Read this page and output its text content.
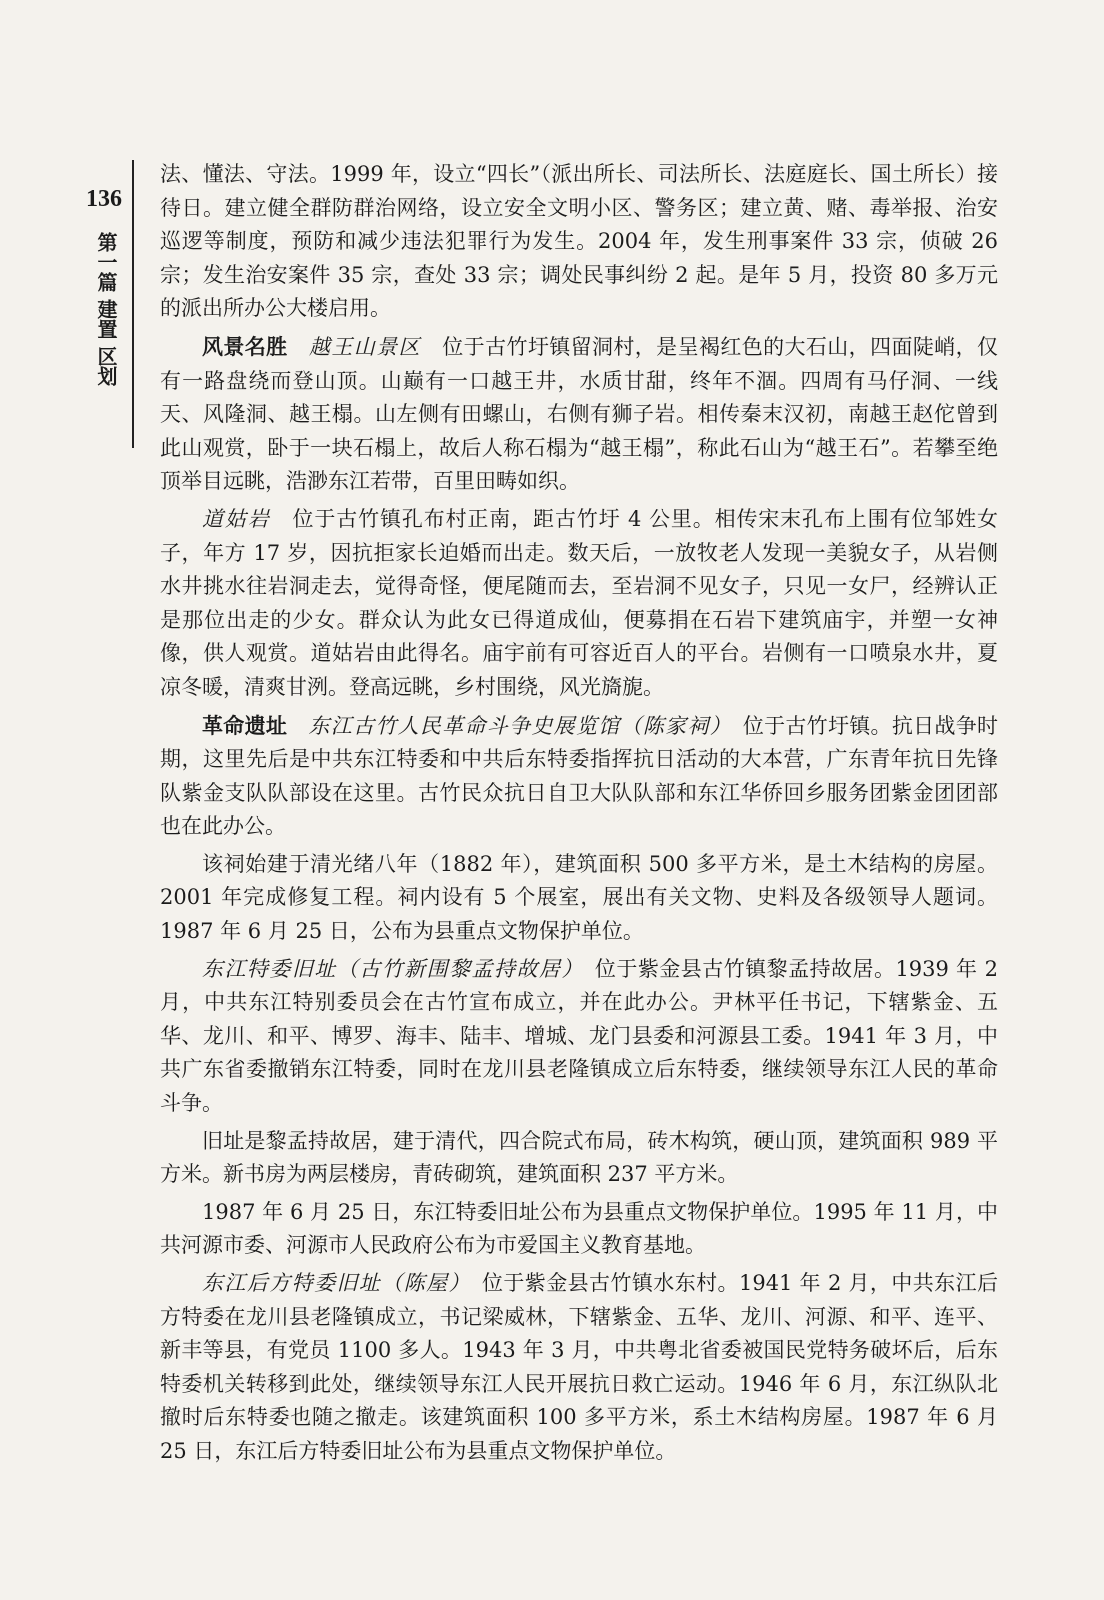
136
第一篇 建置 区划

法、懂法、守法。1999 年，设立“四长”（派出所长、司法所长、法庭庭长、国土所长）接待日。建立健全群防群治网络，设立安全文明小区、警务区；建立黄、赌、毒举报、治安巡逻等制度，预防和减少违法犯罪行为发生。2004 年，发生刑事案件 33 宗，侦破 26 宗；发生治安案件 35 宗，查处 33 宗；调处民事纠纷 2 起。是年 5 月，投资 80 多万元的派出所办公大楼启用。

风景名胜　 越王山景区　 位于古竹圩镇留洞村，是呈褐红色的大石山，四面陡峭，仅有一路盘绕而登山顶。山巅有一口越王井，水质甘甜，终年不涸。四周有马仔洞、一线天、风隆洞、越王榻。山左侧有田螺山，右侧有狮子岩。相传秦末汉初，南越王赵佗曾到此山观赏，卧于一块石榻上，故后人称石榻为“越王榻”，称此石山为“越王石”。若攀至绝顶举目远眺，浩渺东江若带，百里田畴如织。

道姑岩　 位于古竹镇孔布村正南，距古竹圩 4 公里。相传宋末孔布上围有位邹姓女子，年方 17 岁，因抗拒家长迫婚而出走。数天后，一放牧老人发现一美貌女子，从岩侧水井挑水往岩洞走去，觉得奇怪，便尾随而去，至岩洞不见女子，只见一女尸，经辨认正是那位出走的少女。群众认为此女已得道成仙，便募捐在石岩下建筑庙宇，并塑一女神像，供人观赏。道姑岩由此得名。庙宇前有可容近百人的平台。岩侧有一口喷泉水井，夏凉冬暖，清爽甘洌。登高远眺，乡村围绕，风光旖旎。

革命遗址　 东江古竹人民革命斗争史展览馆（陈家祠）　 位于古竹圩镇。抗日战争时期，这里先后是中共东江特委和中共后东特委指挥抗日活动的大本营，广东青年抗日先锋队紫金支队队部设在这里。古竹民众抗日自卫大队队部和东江华侨回乡服务团紫金团团部也在此办公。

该祠始建于清光绪八年（1882 年），建筑面积 500 多平方米，是土木结构的房屋。2001 年完成修复工程。祠内设有 5 个展室，展出有关文物、史料及各级领导人题词。1987 年 6 月 25 日，公布为县重点文物保护单位。

东江特委旧址（古竹新围黎孟持故居）　 位于紫金县古竹镇黎孟持故居。1939 年 2 月，中共东江特别委员会在古竹宣布成立，并在此办公。尹林平任书记，下辖紫金、五华、龙川、和平、博罗、海丰、陆丰、增城、龙门县委和河源县工委。1941 年 3 月，中共广东省委撤销东江特委，同时在龙川县老隆镇成立后东特委，继续领导东江人民的革命斗争。

旧址是黎孟持故居，建于清代，四合院式布局，砖木构筑，硬山顶，建筑面积 989 平方米。新书房为两层楼房，青砖砌筑，建筑面积 237 平方米。

1987 年 6 月 25 日，东江特委旧址公布为县重点文物保护单位。1995 年 11 月，中共河源市委、河源市人民政府公布为市爱国主义教育基地。

东江后方特委旧址（陈屋）　 位于紫金县古竹镇水东村。1941 年 2 月，中共东江后方特委在龙川县老隆镇成立，书记梁威林，下辖紫金、五华、龙川、河源、和平、连平、新丰等县，有党员 1100 多人。1943 年 3 月，中共粤北省委被国民党特务破坏后，后东特委机关转移到此处，继续领导东江人民开展抗日救亡运动。1946 年 6 月，东江纵队北撤时后东特委也随之撤走。该建筑面积 100 多平方米，系土木结构房屋。1987 年 6 月 25 日，东江后方特委旧址公布为县重点文物保护单位。
